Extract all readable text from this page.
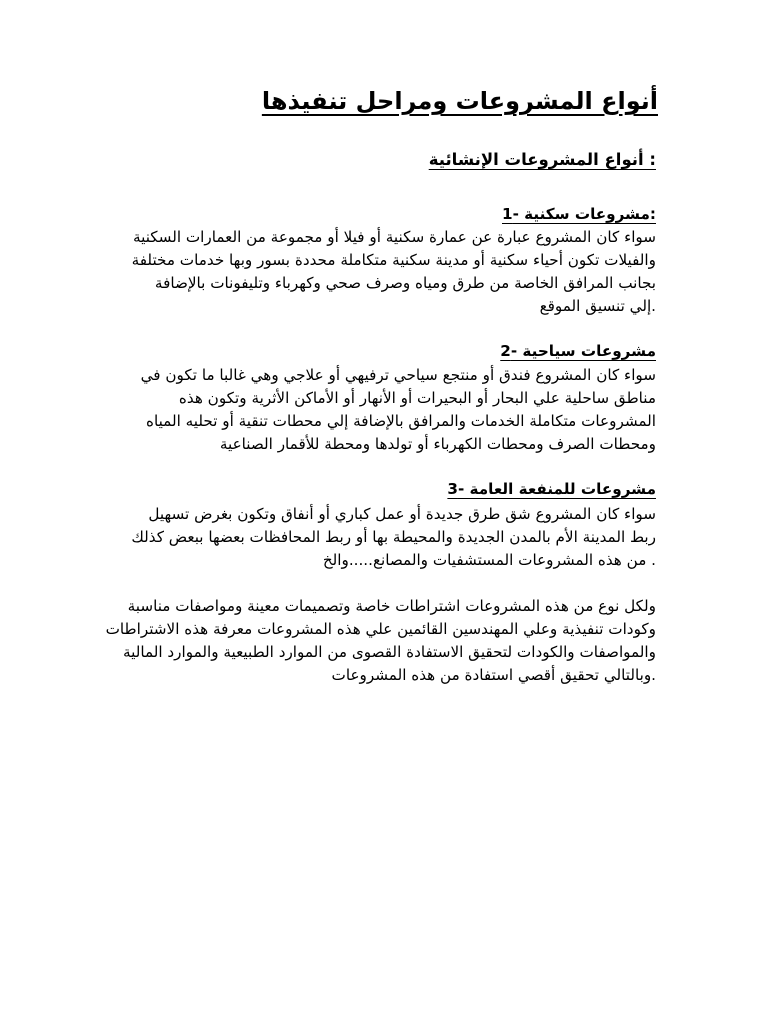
أنواع المشروعات ومراحل تنفيذها
: أنواع المشروعات الإنشائية
:مشروعات سكنية -1
سواء كان المشروع عبارة عن عمارة سكنية أو فيلا أو مجموعة من العمارات السكنية
والفيلات تكون أحياء سكنية أو مدينة سكنية متكاملة محددة بسور وبها خدمات مختلفة
بجانب المرافق الخاصة من طرق ومياه وصرف صحي وكهرباء وتليفونات بالإضافة
.إلي تنسيق الموقع
مشروعات سياحية -2
سواء كان المشروع فندق أو منتجع سياحي ترفيهي أو علاجي وهي غالبا ما تكون في
مناطق ساحلية علي البحار أو البحيرات أو الأنهار أو الأماكن الأثرية وتكون هذه
المشروعات متكاملة الخدمات والمرافق بالإضافة إلي محطات تنقية أو تحليه المياه
ومحطات الصرف ومحطات الكهرباء أو تولدها ومحطة للأقمار الصناعية
مشروعات للمنفعة العامة -3
سواء كان المشروع شق طرق جديدة أو عمل كباري أو أنفاق وتكون بغرض تسهيل
ربط المدينة الأم بالمدن الجديدة والمحيطة بها أو ربط المحافظات بعضها ببعض كذلك
. من هذه المشروعات المستشفيات والمصانع.....والخ
ولكل نوع من هذه المشروعات اشتراطات خاصة وتصميمات معينة ومواصفات مناسبة
وكودات تنفيذية وعلي المهندسين القائمين علي هذه المشروعات معرفة هذه الاشتراطات
والمواصفات والكودات لتحقيق الاستفادة القصوى من الموارد الطبيعية والموارد المالية
.وبالتالي تحقيق أقصي استفادة من هذه المشروعات
